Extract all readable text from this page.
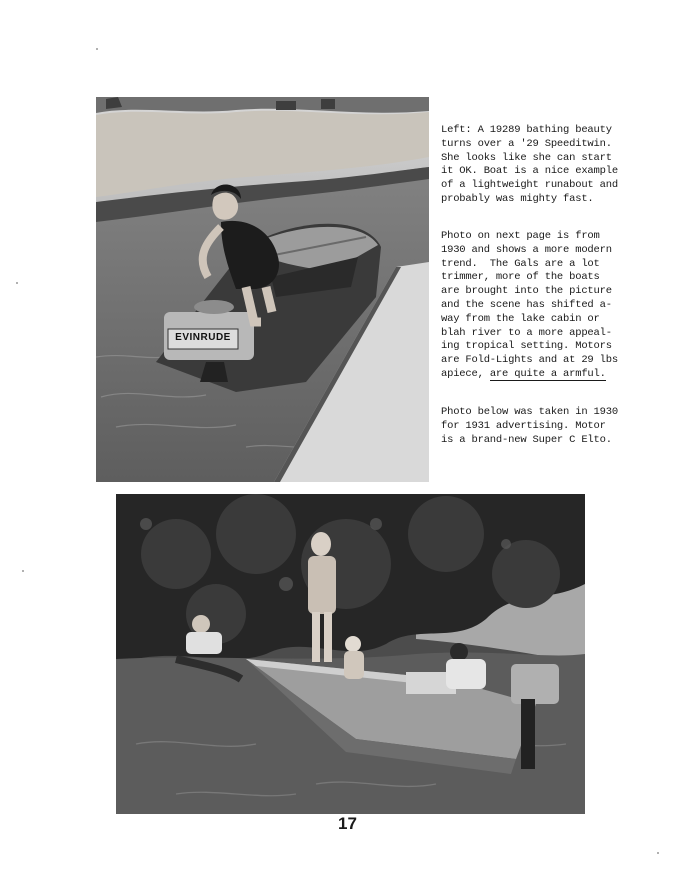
EVINRUDE

Left: A 19289 bathing beauty
turns over a '29 Speeditwin.
She looks like she can start
it OK. Boat is a nice example
of a lightweight runabout and
probably was mighty fast.

Photo on next page is from
1930 and shows a more modern
trend.  The Gals are a lot
trimmer, more of the boats
are brought into the picture
and the scene has shifted a-
way from the lake cabin or
blah river to a more appeal-
ing tropical setting. Motors
are Fold-Lights and at 29 lbs
apiece, are quite a armful.

Photo below was taken in 1930
for 1931 advertising. Motor
is a brand-new Super C Elto.

17
